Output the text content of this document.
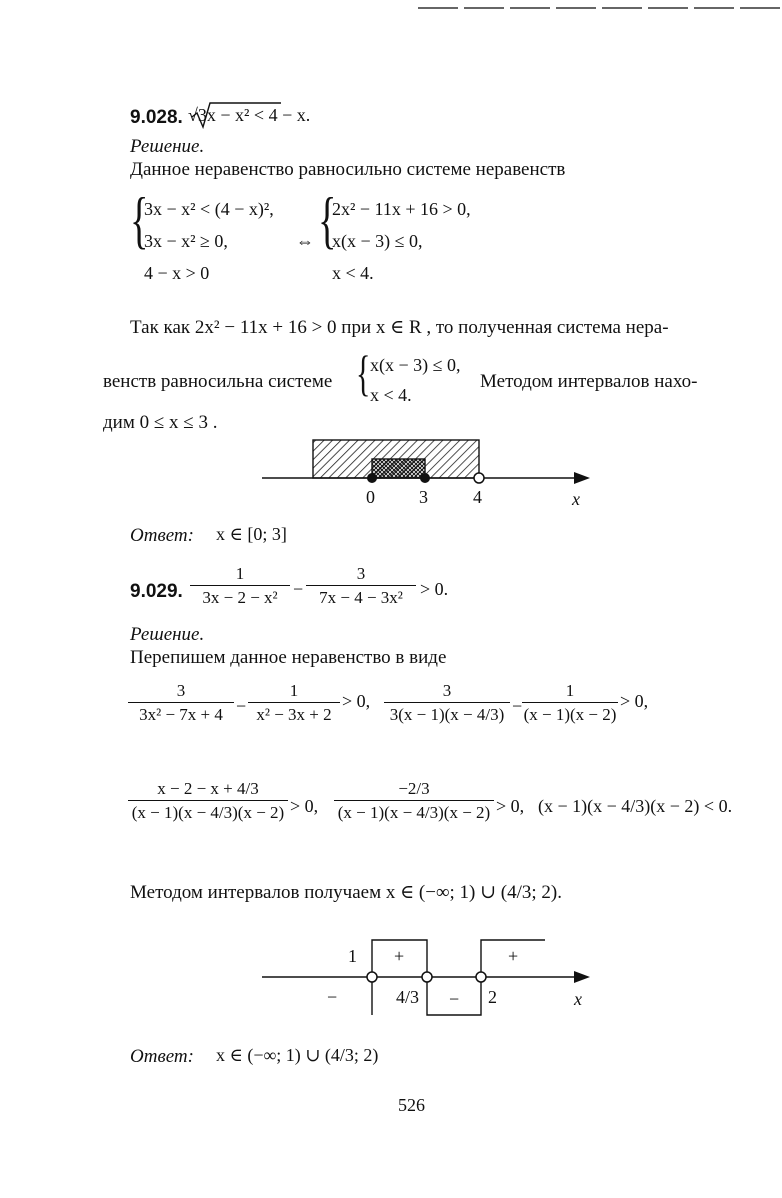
9.028. √3x − x² < 4 − x.
Решение.
Данное неравенство равносильно системе неравенств
{
3x − x² < (4 − x)²,
3x − x² ≥ 0,
4 − x > 0
⇔ {
2x² − 11x + 16 > 0,
x(x − 3) ≤ 0,
x < 4.
Так как 2x² − 11x + 16 > 0 при x ∈ R , то полученная система нера-
венств равносильна системе { x(x − 3) ≤ 0,
x < 4.
Методом интервалов нахо-
дим 0 ≤ x ≤ 3 .
0 3	4	x
Ответ: x ∈ [0; 3]
9.029.
1
3x − 2 − x² −
3
7x − 4 − 3x² > 0.
Решение.
Перепишем данное неравенство в виде
3
3x² − 7x + 4 −
1
x² − 3x + 2
> 0,
3
3(x − 1)(x − 4/3) −
1
(x − 1)(x − 2)
> 0,
x − 2 − x + 4/3
(x − 1)(x − 4/3)(x − 2) > 0,
−2/3
(x − 1)(x − 4/3)(x − 2) > 0, (x − 1)(x − 4/3)(x − 2) < 0.
Методом интервалов получаем x ∈ (−∞; 1) ∪ (4/3; 2).
1 +	+
−	4/3 − 2	x
Ответ: x ∈ (−∞; 1) ∪ (4/3; 2)
526
